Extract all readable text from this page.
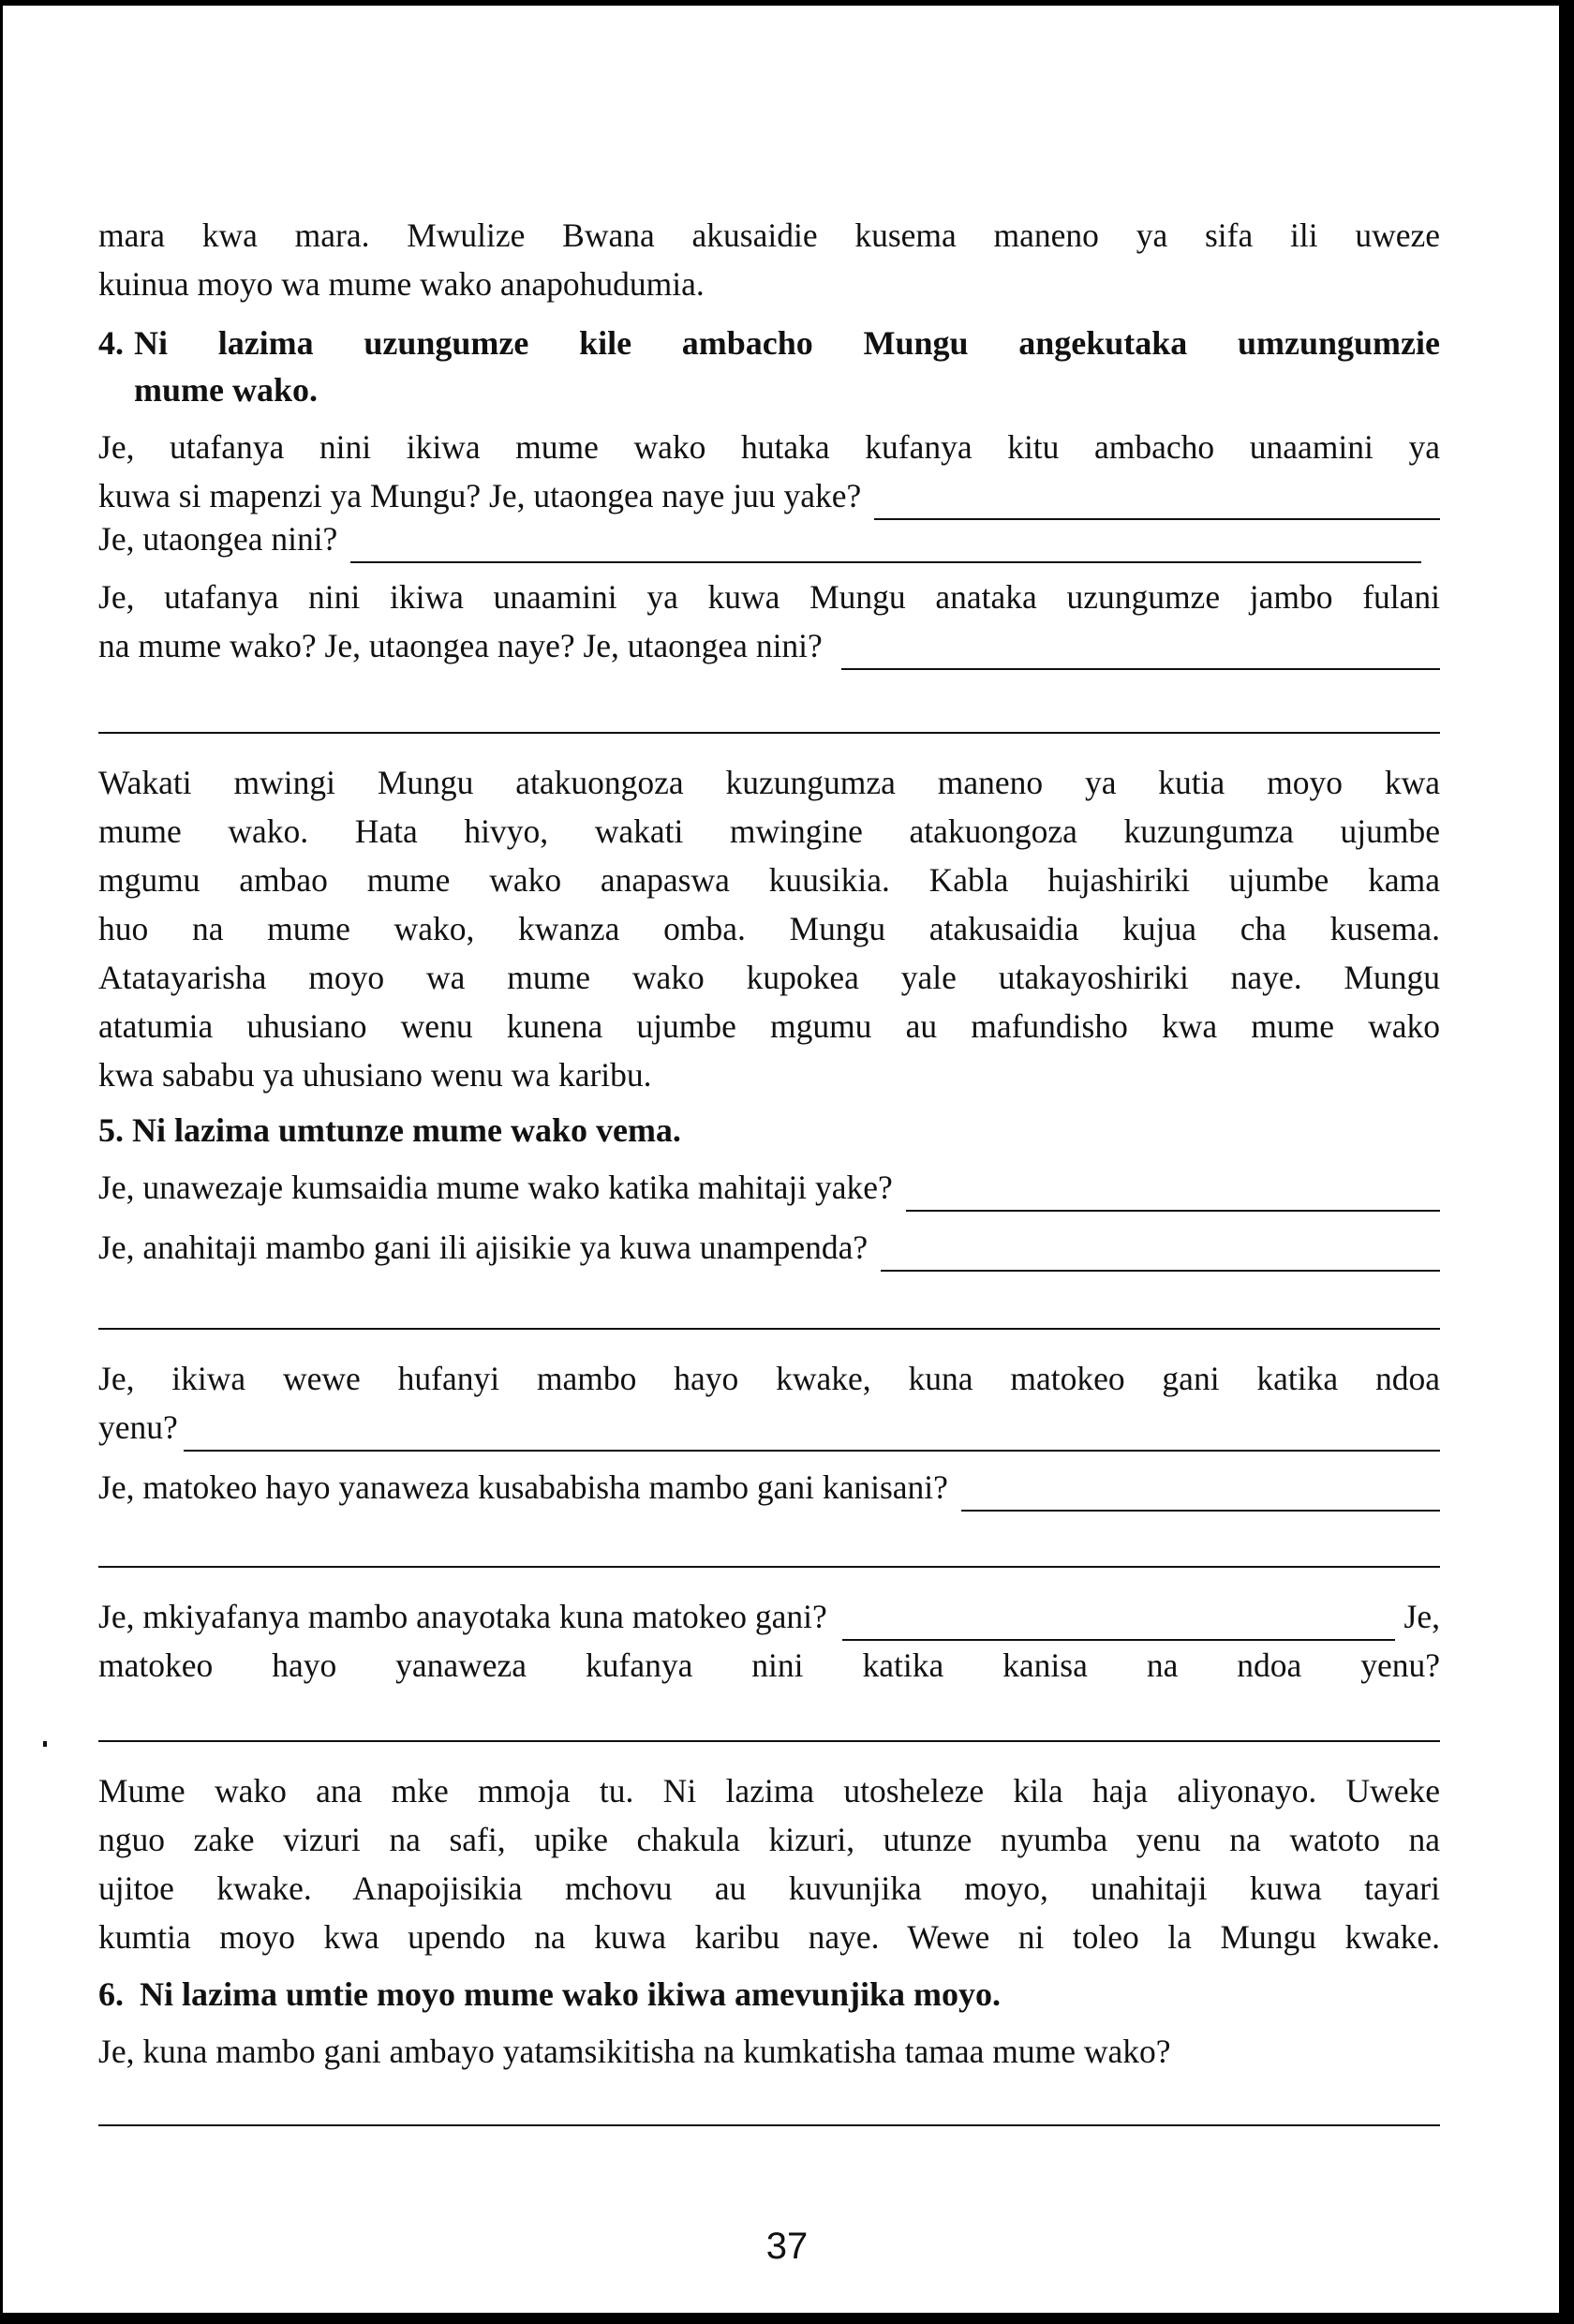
mara kwa mara. Mwulize Bwana akusaidie kusema maneno ya sifa ili uweze

kuinua moyo wa mume wako anapohudumia.

4. Ni lazima uzungumze kile ambacho Mungu angekutaka umzungumzie
mume wako.

Je, utafanya nini ikiwa mume wako hutaka kufanya kitu ambacho unaamini ya

kuwa si mapenzi ya Mungu? Je, utaongea naye juu yake?
Je, utaongea nini?

Je, utafanya nini ikiwa unaamini ya kuwa Mungu anataka uzungumze jambo fulani

na mume wako? Je, utaongea naye? Je, utaongea nini?

Wakati mwingi Mungu atakuongoza kuzungumza maneno ya kutia moyo kwa

mume wako. Hata hivyo, wakati mwingine atakuongoza kuzungumza ujumbe

mgumu ambao mume wako anapaswa kuusikia. Kabla hujashiriki ujumbe kama

huo na mume wako, kwanza omba. Mungu atakusaidia kujua cha kusema.

Atatayarisha moyo wa mume wako kupokea yale utakayoshiriki naye. Mungu

atatumia uhusiano wenu kunena ujumbe mgumu au mafundisho kwa mume wako

kwa sababu ya uhusiano wenu wa karibu.

5. Ni lazima umtunze mume wako vema.
Je, unawezaje kumsaidia mume wako katika mahitaji yake?
Je, anahitaji mambo gani ili ajisikie ya kuwa unampenda?

Je, ikiwa wewe hufanyi mambo hayo kwake, kuna matokeo gani katika ndoa

yenu?
Je, matokeo hayo yanaweza kusababisha mambo gani kanisani?
Je, mkiyafanya mambo anayotaka kuna matokeo gani?	Je,

matokeo hayo yanaweza kufanya nini katika kanisa na ndoa yenu?

Mume wako ana mke mmoja tu. Ni lazima utosheleze kila haja aliyonayo. Uweke

nguo zake vizuri na safi, upike chakula kizuri, utunze nyumba yenu na watoto na

ujitoe kwake. Anapojisikia mchovu au kuvunjika moyo, unahitaji kuwa tayari

kumtia moyo kwa upendo na kuwa karibu naye. Wewe ni toleo la Mungu kwake.

6. Ni lazima umtie moyo mume wako ikiwa amevunjika moyo.

Je, kuna mambo gani ambayo yatamsikitisha na kumkatisha tamaa mume wako?

37
